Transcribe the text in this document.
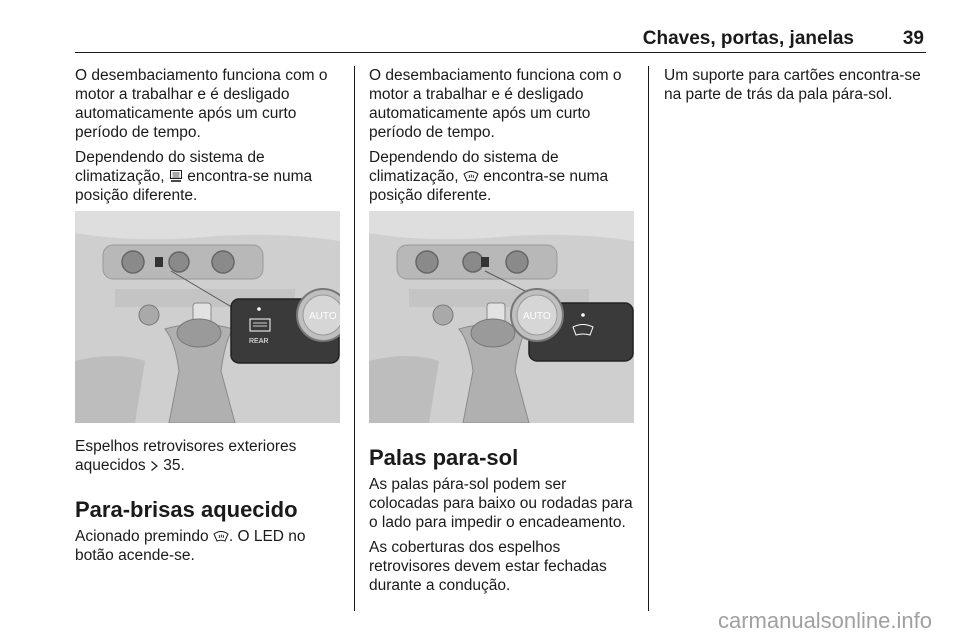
Chaves, portas, janelas	39

O desembaciamento funciona com o motor a trabalhar e é desligado automaticamente após um curto período de tempo.

Dependendo do sistema de climatização, encontra-se numa posição diferente.

AUTO
REAR

Espelhos retrovisores exteriores aquecidos 35.

Para-brisas aquecido

Acionado premindo . O LED no botão acende-se.

O desembaciamento funciona com o motor a trabalhar e é desligado automaticamente após um curto período de tempo.

Dependendo do sistema de climatização, encontra-se numa posição diferente.

AUTO
Palas para-sol

As palas pára-sol podem ser colocadas para baixo ou rodadas para o lado para impedir o encadeamento.

As coberturas dos espelhos retrovisores devem estar fechadas durante a condução.

Um suporte para cartões encontra-se na parte de trás da pala pára-sol.

carmanualsonline.info
